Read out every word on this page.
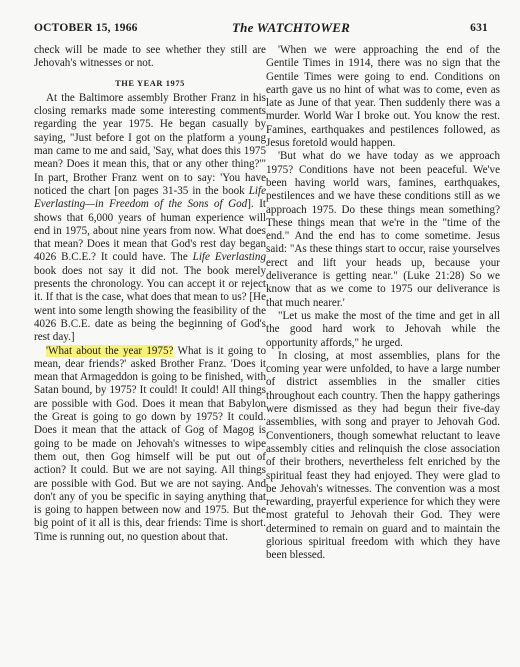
OCTOBER 15, 1966	The WATCHTOWER	631

check will be made to see whether they still are Jehovah's witnesses or not.

THE YEAR 1975

At the Baltimore assembly Brother Franz in his closing remarks made some interesting comments regarding the year 1975. He began casually by saying, "Just before I got on the platform a young man came to me and said, 'Say, what does this 1975 mean? Does it mean this, that or any other thing?'" In part, Brother Franz went on to say: 'You have noticed the chart [on pages 31-35 in the book Life Everlasting—in Freedom of the Sons of God]. It shows that 6,000 years of human experience will end in 1975, about nine years from now. What does that mean? Does it mean that God's rest day began 4026 B.C.E.? It could have. The Life Everlasting book does not say it did not. The book merely presents the chronology. You can accept it or reject it. If that is the case, what does that mean to us? [He went into some length showing the feasibility of the 4026 B.C.E. date as being the beginning of God's rest day.]

'What about the year 1975? What is it going to mean, dear friends?' asked Brother Franz. 'Does it mean that Armageddon is going to be finished, with Satan bound, by 1975? It could! It could! All things are possible with God. Does it mean that Babylon the Great is going to go down by 1975? It could. Does it mean that the attack of Gog of Magog is going to be made on Jehovah's witnesses to wipe them out, then Gog himself will be put out of action? It could. But we are not saying. All things are possible with God. But we are not saying. And don't any of you be specific in saying anything that is going to happen between now and 1975. But the big point of it all is this, dear friends: Time is short. Time is running out, no question about that.

'When we were approaching the end of the Gentile Times in 1914, there was no sign that the Gentile Times were going to end. Conditions on earth gave us no hint of what was to come, even as late as June of that year. Then suddenly there was a murder. World War I broke out. You know the rest. Famines, earthquakes and pestilences followed, as Jesus foretold would happen.

'But what do we have today as we approach 1975? Conditions have not been peaceful. We've been having world wars, famines, earthquakes, pestilences and we have these conditions still as we approach 1975. Do these things mean something? These things mean that we're in the "time of the end." And the end has to come sometime. Jesus said: "As these things start to occur, raise yourselves erect and lift your heads up, because your deliverance is getting near." (Luke 21:28) So we know that as we come to 1975 our deliverance is that much nearer.'

"Let us make the most of the time and get in all the good hard work to Jehovah while the opportunity affords," he urged.

In closing, at most assemblies, plans for the coming year were unfolded, to have a large number of district assemblies in the smaller cities throughout each country. Then the happy gatherings were dismissed as they had begun their five-day assemblies, with song and prayer to Jehovah God. Conventioners, though somewhat reluctant to leave assembly cities and relinquish the close association of their brothers, nevertheless felt enriched by the spiritual feast they had enjoyed. They were glad to be Jehovah's witnesses. The convention was a most rewarding, prayerful experience for which they were most grateful to Jehovah their God. They were determined to remain on guard and to maintain the glorious spiritual freedom with which they have been blessed.
